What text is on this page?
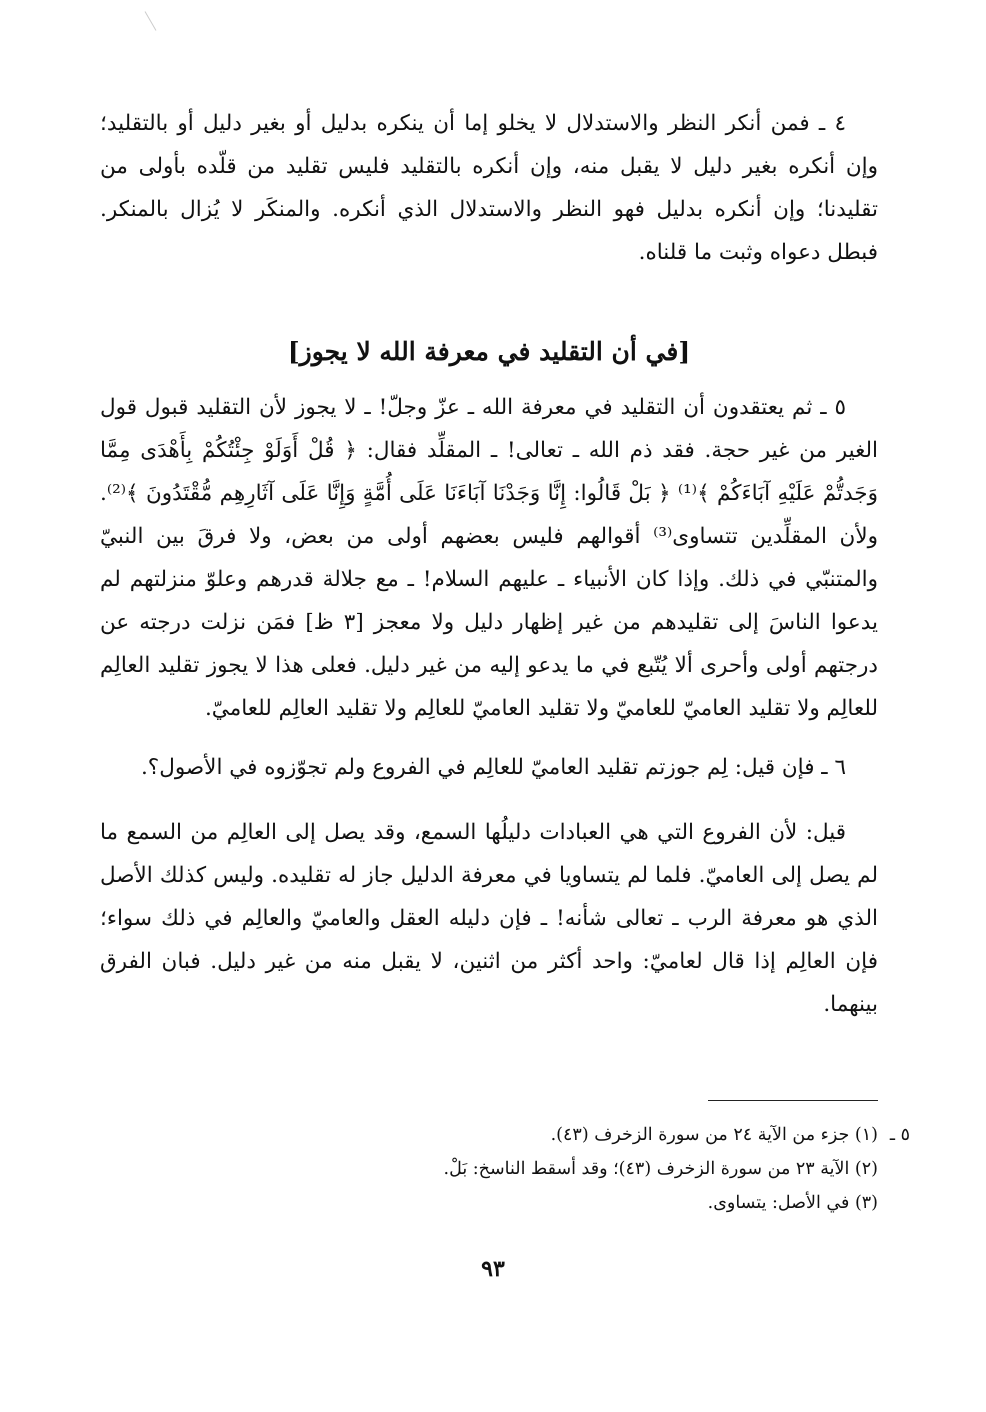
٤ ـ فمن أنكر النظر والاستدلال لا يخلو إما أن ينكره بدليل أو بغير دليل أو بالتقليد؛ وإن أنكره بغير دليل لا يقبل منه، وإن أنكره بالتقليد فليس تقليد من قلّده بأولى من تقليدنا؛ وإن أنكره بدليل فهو النظر والاستدلال الذي أنكره. والمنكَر لا يُزال بالمنكر. فبطل دعواه وثبت ما قلناه.

[في أن التقليد في معرفة الله لا يجوز]

٥ ـ ثم يعتقدون أن التقليد في معرفة الله ـ عزّ وجلّ! ـ لا يجوز لأن التقليد قبول قول الغير من غير حجة. فقد ذم الله ـ تعالى! ـ المقلِّد فقال: ﴿ قُلْ أَوَلَوْ جِئْتُكُمْ بِأَهْدَى مِمَّا وَجَدتُّمْ عَلَيْهِ آبَاءَكُمْ ﴾⁽¹⁾ ﴿ بَلْ قَالُوا: إِنَّا وَجَدْنَا آبَاءَنَا عَلَى أُمَّةٍ وَإِنَّا عَلَى آثَارِهِم مُّقْتَدُونَ ﴾⁽²⁾. ولأن المقلِّدين تتساوى⁽³⁾ أقوالهم فليس بعضهم أولى من بعض، ولا فرقَ بين النبيّ والمتنبّي في ذلك. وإذا كان الأنبياء ـ عليهم السلام! ـ مع جلالة قدرهم وعلوّ منزلتهم لم يدعوا الناسَ إلى تقليدهم من غير إظهار دليل ولا معجز [٣ ظ] فمَن نزلت درجته عن درجتهم أولى وأحرى ألا يُتّبع في ما يدعو إليه من غير دليل. فعلى هذا لا يجوز تقليد العالِم للعالِم ولا تقليد العاميّ للعاميّ ولا تقليد العاميّ للعالِم ولا تقليد العالِم للعاميّ.

٦ ـ فإن قيل: لِم جوزتم تقليد العاميّ للعالِم في الفروع ولم تجوّزوه في الأصول؟.

قيل: لأن الفروع التي هي العبادات دليلُها السمع، وقد يصل إلى العالِم من السمع ما لم يصل إلى العاميّ. فلما لم يتساويا في معرفة الدليل جاز له تقليده. وليس كذلك الأصل الذي هو معرفة الرب ـ تعالى شأنه! ـ فإن دليله العقل والعاميّ والعالِم في ذلك سواء؛ فإن العالِم إذا قال لعاميّ: واحد أكثر من اثنين، لا يقبل منه من غير دليل. فبان الفرق بينهما.

٥ ـ

(١) جزء من الآية ٢٤ من سورة الزخرف (٤٣).

(٢) الآية ٢٣ من سورة الزخرف (٤٣)؛ وقد أسقط الناسخ: بَلْ.

(٣) في الأصل: يتساوى.

٩٣
